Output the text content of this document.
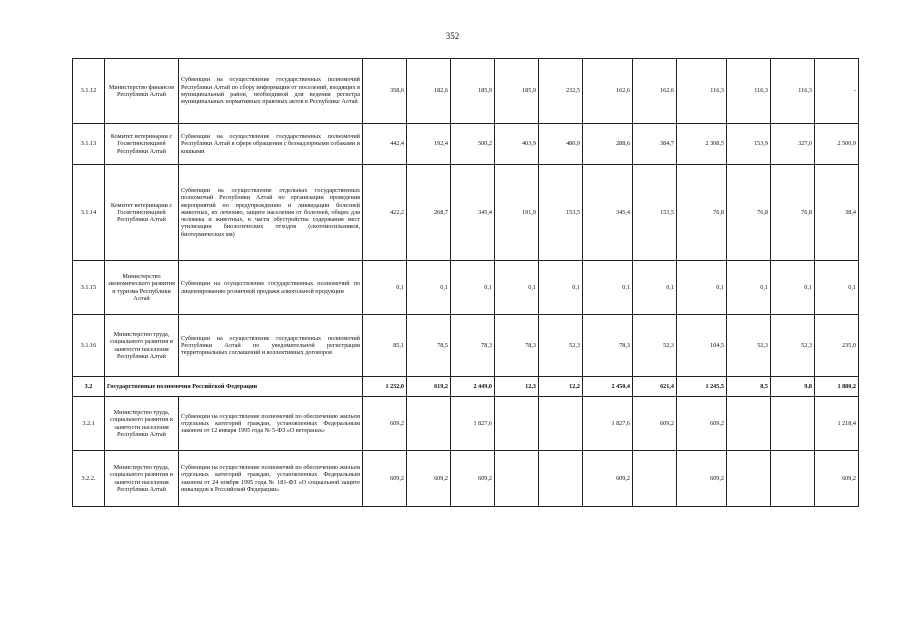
352
3.1.12	Министерство финансов Республики Алтай	Субвенции на осуществление государственных полномочий Республики Алтай по сбору информации от поселений, входящих в муниципальный район, необходимой для ведения регистра муниципальных нормативных правовых актов в Республике Алтай	358,6	182,6	185,9	185,9	232,5	162,6	162,6	116,3	116,3	116,3	-
3.1.13	Комитет ветеринарии с Госветинспекцией Республики Алтай	Субвенции на осуществление государственных полномочий Республики Алтай в сфере обращения с безнадзорными собаками и кошками	442,4	192,4	500,2	403,9	480,9	288,6	384,7	2 308,5	153,9	327,0	2 500,9
3.1.14	Комитет ветеринарии с Госветинспекцией Республики Алтай	Субвенции на осуществление отдельных государственных полномочий Республики Алтай по организации проведения мероприятий по предупреждению и ликвидации болезней животных, их лечению, защите населения от болезней, общих для человека и животных, в части обустройства содержания мест утилизации биологических отходов (скотомогильников, биотермических ям)	422,2	268,7	345,4	191,9	153,5	345,4	153,5	76,8	76,8	76,8	38,4
3.1.15	Министерство экономического развития и туризма Республики Алтай	Субвенции на осуществление государственных полномочий по лицензированию розничной продажи алкогольной продукции	0,1	0,1	0,1	0,1	0,1	0,1	0,1	0,1	0,1	0,1	0,1
3.1.16	Министерство труда, социального развития и занятости населения Республики Алтай	Субвенции на осуществление государственных полномочий Республики Алтай по уведомительной регистрации территориальных соглашений и коллективных договоров	85,1	78,5	78,3	78,3	52,3	78,3	52,3	104,5	52,3	52,3	235,0
3.2	Государственные полномочия Российской Федерации		1 232,0	619,2	2 449,0	12,3	12,2	2 450,4	621,4	1 245,5	8,5	9,8	1 880,2
3.2.1	Министерство труда, социального развития и занятости населения Республики Алтай	Субвенции на осуществление полномочий по обеспечению жильем отдельных категорий граждан, установленных Федеральным законом от 12 января 1995 года № 5-ФЗ «О ветеранах»	609,2		1 827,6			1 827,6	609,2	609,2			1 218,4
3.2.2.	Министерство труда, социального развития и занятости населения Республики Алтай	Субвенции на осуществление полномочий по обеспечению жильем отдельных категорий граждан, установленных Федеральным законом от 24 ноября 1995 года № 181-ФЗ «О социальной защите инвалидов в Российской Федерации»	609,2	609,2	609,2			609,2		609,2			609,2
